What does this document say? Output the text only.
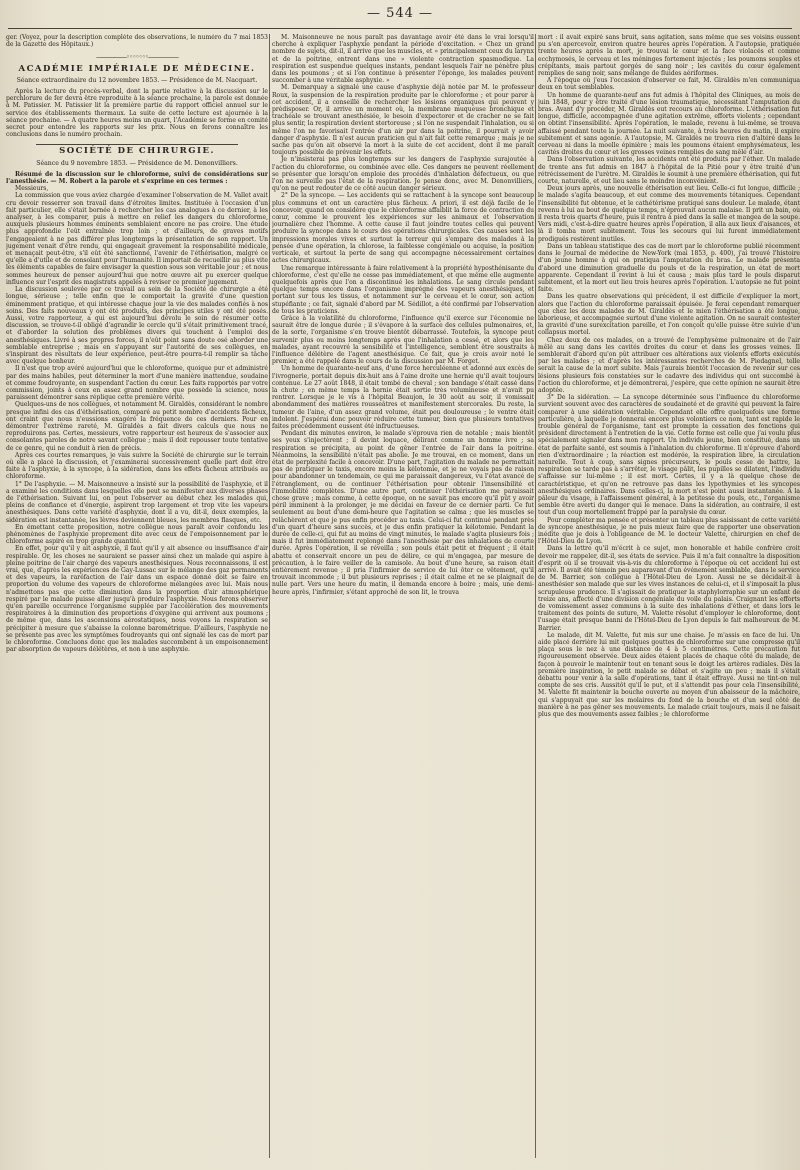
— 544 —

ger. (Voyez, pour la description complète des observations, le numéro du 7 mai 1853 de la Gazette des Hôpitaux.)

—————◦◦◦◦◦◦◦—————
ACADÉMIE IMPÉRIALE DE MÉDECINE.
Séance extraordinaire du 12 novembre 1853. — Présidence de M. Nacquart.

Après la lecture du procès-verbal, dont la partie relative à la discussion sur le perchlorure de fer devra être reproduite à la séance prochaine, la parole est donnée à M. Patissier. M. Patissier lit la première partie du rapport officiel annuel sur le service des établissements thermaux. La suite de cette lecture est ajournée à la séance prochaine. — A quatre heures moins un quart, l'Académie se forme en comité secret pour entendre les rapports sur les prix. Nous en ferons connaître les conclusions dans le numéro prochain.

SOCIÉTÉ DE CHIRURGIE.
Séance du 9 novembre 1853. — Présidence de M. Denonvilliers.

Résumé de la discussion sur le chloroforme, suivi de considérations sur l'anesthésie. — M. Robert a la parole et s'exprime en ces termes :

Messieurs,

La commission que vous aviez chargée d'examiner l'observation de M. Vallet avait cru devoir resserrer son travail dans d'étroites limites. Instituée à l'occasion d'un fait particulier, elle s'était bornée à rechercher les cas analogues à ce dernier, à les analyser, à les comparer, puis à mettre en relief les dangers du chloroforme, auxquels plusieurs hommes éminents semblaient encore ne pas croire. Une étude plus approfondie l'eût entraînée trop loin ; et d'ailleurs, de graves motifs l'engageaient à ne pas différer plus longtemps la présentation de son rapport. Un jugement venait d'être rendu, qui engageait gravement la responsabilité médicale, et menaçait peut-être, s'il eût été sanctionné, l'avenir de l'éthérisation, malgré ce qu'elle a d'utile et de consolant pour l'humanité. Il importait de recueillir au plus vite les éléments capables de faire envisager la question sous son véritable jour ; et nous sommes heureux de penser aujourd'hui que notre œuvre ait pu exercer quelque influence sur l'esprit des magistrats appelés à reviser ce premier jugement.

La discussion soulevée par ce travail au sein de la Société de chirurgie a été longue, sérieuse ; telle enfin que le comportait la gravité d'une question éminemment pratique, et qui intéresse chaque jour la vie des malades confiés à nos soins. Des faits nouveaux y ont été produits, des principes utiles y ont été posés. Aussi, votre rapporteur, a qui est aujourd'hui dévolu le soin de résumer cette discussion, se trouve-t-il obligé d'agrandir le cercle qu'il s'était primitivement tracé, et d'aborder la solution des problèmes divers qui touchent à l'emploi des anesthésiques. Livré à ses propres forces, il n'eût point sans doute osé aborder une semblable entreprise ; mais en s'appuyant sur l'autorité de ses collègues, en s'inspirant des résultats de leur expérience, peut-être pourra-t-il remplir sa tâche avec quelque bonheur.

Il n'est que trop avéré aujourd'hui que le chloroforme, quoique pur et administré par des mains habiles, peut déterminer la mort d'une manière inattendue, soudaine et comme foudroyante, en suspendant l'action du cœur. Les faits rapportés par votre commission, joints à ceux en assez grand nombre que possède la science, nous paraissent démontrer sans réplique cette première vérité.

Quelques-uns de nos collègues, et notamment M. Giraldès, considérant le nombre presque infini des cas d'éthérisation, comparé au petit nombre d'accidents fâcheux, ont craint que nous n'eussions exagéré la fréquence de ces derniers. Pour en démontrer l'extrême rareté, M. Giraldès a fait divers calculs que nous ne reproduirons pas. Certes, messieurs, votre rapporteur est heureux de s'associer aux consolantes paroles de notre savant collègue ; mais il doit repousser toute tentative de ce genre, qui ne conduit à rien de précis.

Après ces courtes remarques, je vais suivre la Société de chirurgie sur le terrain où elle a placé la discussion, et j'examinerai successivement quelle part doit être faite à l'asphyxie, à la syncope, à la sidération, dans les effets fâcheux attribués au chloroforme.

1° De l'asphyxie. — M. Maisonneuve a insisté sur la possibilité de l'asphyxie, et il a examiné les conditions dans lesquelles elle peut se manifester aux diverses phases de l'éthérisation. Suivant lui, on peut l'observer au début chez les malades qui, pleins de confiance et d'énergie, aspirent trop largement et trop vite les vapeurs anesthésiques. Dans cette variété d'asphyxie, dont il a vu, dit-il, deux exemples, la sidération est instantanée, les lèvres deviennent bleues, les membres flasques, etc.

En émettant cette proposition, notre collègue nous paraît avoir confondu les phénomènes de l'asphyxie proprement dite avec ceux de l'empoisonnement par le chloroforme aspiré en trop grande quantité.

En effet, pour qu'il y ait asphyxie, il faut qu'il y ait absence ou insuffisance d'air respirable. Or, les choses ne sauraient se passer ainsi chez un malade qui aspire à pleine poitrine de l'air chargé des vapeurs anesthésiques. Nous reconnaissons, il est vrai, que, d'après les expériences de Gay-Lussac sur le mélange des gaz permanents et des vapeurs, la raréfaction de l'air dans un espace donné doit se faire en proportion du volume des vapeurs de chloroforme mélangées avec lui. Mais nous n'admettons pas que cette diminution dans la proportion d'air atmosphérique respiré par le malade puisse aller jusqu'à produire l'asphyxie. Nous ferons observer qu'en pareille occurrence l'organisme supplée par l'accélération des mouvements respiratoires à la diminution des proportions d'oxygène qui arrivent aux poumons ; de même que, dans les ascensions aérostatiques, nous voyons la respiration se précipiter à mesure que s'abaisse la colonne barométrique. D'ailleurs, l'asphyxie ne se présente pas avec les symptômes foudroyants qui ont signalé les cas de mort par le chloroforme. Concluons donc que les malades succombent à un empoisonnement par absorption de vapeurs délétères, et non à une asphyxie.

M. Maisonneuve ne nous paraît pas davantage avoir été dans le vrai lorsqu'il cherche à expliquer l'asphyxie pendant la période d'excitation. « Chez un grand nombre de sujets, dit-il, il arrive que les muscles, et » principalement ceux du larynx et de la poitrine, entrent dans une » violente contraction spasmodique. La respiration est suspendue quelques instants, pendant lesquels l'air ne pénètre plus dans les poumons ; et si l'on continue à présenter l'éponge, les malades peuvent succomber à une véritable asphyxie. »

M. Demarquay a signalé une cause d'asphyxie déjà notée par M. le professeur Roux, la suspension de la respiration produite par le chloroforme ; et pour parer à cet accident, il a conseillé de rechercher les lésions organiques qui peuvent y prédisposer. Or, il arrive un moment où, la membrane muqueuse bronchique et trachéale se trouvant anesthésiée, le besoin d'expectorer et de cracher ne se fait plus sentir, la respiration devient stertoreuse ; si l'on ne suspendait l'inhalation, ou si même l'on ne favorisait l'entrée d'un air pur dans la poitrine, il pourrait y avoir danger d'asphyxie. Il n'est aucun praticien qui n'ait fait cette remarque ; mais je ne sache pas qu'on ait observé la mort à la suite de cet accident, dont il me paraît toujours possible de prévenir les effets.

Je n'insisterai pas plus longtemps sur les dangers de l'asphyxie surajoutée à l'action du chloroforme, ou combinée avec elle. Ces dangers ne peuvent réellement se présenter que lorsqu'on emploie des procédés d'inhalation défectueux, ou que l'on ne surveille pas l'état de la respiration. Je pense donc, avec M. Denonvilliers, qu'on ne peut redouter de ce côté aucun danger sérieux.

2° De la syncope. — Les accidents qui se rattachent à la syncope sont beaucoup plus communs et ont un caractère plus fâcheux. A priori, il est déjà facile de le concevoir, quand on considère que le chloroforme affaiblit la force de contraction du cœur, comme le prouvent les expériences sur les animaux et l'observation journalière chez l'homme. A cette cause il faut joindre toutes celles qui peuvent produire la syncope dans le cours des opérations chirurgicales. Ces causes sont les impressions morales vives et surtout la terreur qui s'empare des malades à la pensée d'une opération, la chlorose, la faiblesse congéniale ou acquise, la position verticale, et surtout la perte de sang qui accompagne nécessairement certaines actes chirurgicaux.

Une remarque intéressante à faire relativement à la propriété hyposthénisante du chloroforme, c'est qu'elle ne cesse pas immédiatement, et que même elle augmente quelquefois après que l'on a discontinué les inhalations. Le sang circule pendant quelque temps encore dans l'organisme imprégné des vapeurs anesthésiques, et portant sur tous les tissus, et notamment sur le cerveau et le cœur, son action stupéfiante ; ce fait, signalé d'abord par M. Sédillot, a été confirmé par l'observation de tous les praticiens.

Grâce à la volatilité du chloroforme, l'influence qu'il exerce sur l'économie ne saurait être de longue durée ; il s'évapore à la surface des cellules pulmonaires, et, de la sorte, l'organisme s'en trouve bientôt débarrassé. Toutefois, la syncope peut survenir plus ou moins longtemps après que l'inhalation a cessé, et alors que les malades, ayant recouvré la sensibilité et l'intelligence, semblent être soustraits à l'influence délétère de l'agent anesthésique. Ce fait, que je crois avoir noté le premier, a été rappelé dans le cours de la discussion par M. Forget.

Un homme de quarante-neuf ans, d'une force herculéenne et adonné aux excès de l'ivrognerie, portait depuis dix-huit ans à l'aine droite une hernie qu'il avait toujours contenue. Le 27 août 1848, il était tombé de cheval ; son bandage s'était cassé dans la chute ; en même temps la hernie était sortie très volumineuse et n'avait pu rentrer. Lorsque je le vis à l'hôpital Beaujon, le 30 août au soir, il vomissait abondamment des matières rousseâtres et manifestement stercorales. Du reste, la tumeur de l'aine, d'un assez grand volume, était peu douloureuse ; le ventre était indolent. J'espérai donc pouvoir réduire cette tumeur, bien que plusieurs tentatives faites précédemment eussent été infructueuses.

Pendant dix minutes environ, le malade s'éprouva rien de notable ; mais bientôt ses yeux s'injectèrent ; il devint loquace, délirant comme un homme ivre ; sa respiration se précipita, au point de gêner l'entrée de l'air dans la poitrine. Néanmoins, la sensibilité n'était pas abolie. Je me trouvai, en ce moment, dans un état de perplexité facile à concevoir. D'une part, l'agitation du malade ne permettait pas de pratiquer le taxis, encore moins la kélotomie, et je ne voyais pas de raison pour abandonner un tendemain, ce qui me paraissait dangereux, vu l'état avancé de l'étranglement, ou de continuer l'éthérisation pour obtenir l'insensibilité et l'immobilité complètes. D'une autre part, continuer l'éthérisation me paraissait chose grave ; mais comme, à cette époque, on ne savait pas encore qu'il pût y avoir péril imminent à la prolonger, je me décidai en faveur de ce dernier parti. Ce fut seulement au bout d'une demi-heure que l'agitation se calma ; que les muscles se relâchèrent et que je pus enfin procéder au taxis. Celui-ci fut continué pendant près d'un quart d'heure sans succès, et je dus enfin pratiquer la kélotomie. Pendant la durée de celle-ci, qui fut au moins de vingt minutes, le malade s'agita plusieurs fois ; mais il fut immédiatement replongé dans l'anesthésie par des inhalations de courte durée. Après l'opération, il se réveilla ; son pouls était petit et fréquent ; il était abattu et conservait encore un peu de délire, ce qui m'engagea, par mesure de précaution, à le faire veiller de la camisole. Au bout d'une heure, sa raison était entièrement revenue ; il pria l'infirmier de service de lui ôter ce vêtement, qu'il trouvait incommode ; il but plusieurs reprises ; il était calme et ne se plaignait de nulle part. Vers une heure du matin, il demanda encore à boire ; mais, une demi-heure après, l'infirmier, s'étant approché de son lit, le trouva

mort : il avait expiré sans bruit, sans agitation, sans même que ses voisins eussent pu s'en apercevoir, environ quatre heures après l'opération. A l'autopsie, pratiquée trente heures après la mort, je trouvai le cœur et la face violacés et comme ecchymosés, le cerveau et les méninges fortement injectés ; les poumons souples et crépitants, mais partout gorgés de sang noir ; les cavités du cœur également remplies de sang noir, sans mélange de fluides aériformes.

A l'époque où j'eus l'occasion d'observer ce fait, M. Giraldès m'en communiqua deux en tout semblables.

Un homme de quarante-neuf ans fut admis à l'hôpital des Cliniques, au mois de juin 1848, pour y être traité d'une lésion traumatique, nécessitant l'amputation du bras. Avant d'y procéder, M. Giraldès eut recours au chloroforme. L'éthérisation fut longue, difficile, accompagnée d'une agitation extrême, efforts violents ; cependant on obtint l'insensibilité. Après l'opération, le malade, revenu à lui-même, se trouva affaissé pendant toute la journée. La nuit suivante, à trois heures du matin, il expire subitement et sans agonie. A l'autopsie, M. Giraldès ne trouva rien d'altéré dans le cerveau ni dans la moelle épinière ; mais les poumons étaient emphysémateux, les cavités droites du cœur et les grosses veines remplies de sang mêlé d'air.

Dans l'observation suivante, les accidents ont été produits par l'éther. Un malade de trente ans fut admis en 1847 à l'hôpital de la Pitié pour y être traité d'un rétrécissement de l'urètre. M. Giraldès le soumit à une première éthérisation, qui fut courte, naturelle, et eut lieu sans le moindre inconvénient.

Deux jours après, une nouvelle éthérisation eut lieu. Celle-ci fut longue, difficile ; le malade s'agita beaucoup, et eut comme des mouvements tétaniques. Cependant l'insensibilité fut obtenue, et le cathétérisme pratiqué sans douleur. Le malade, étant revenu à lui au bout de quelque temps, n'éprouvait aucun malaise. Il prit un bain, où il resta trois quarts d'heure, puis il rentra à pied dans la salle et mangea de la soupe. Vers midi, c'est-à-dire quatre heures après l'opération, il alla aux lieux d'aisances, et là il tomba mort subitement. Tous les secours qui lui furent immédiatement prodigués restèrent inutiles.

Dans un tableau statistique des cas de mort par le chloroforme publié récemment dans le Journal de médecine de New-York (mai 1853, p. 400), j'ai trouvé l'histoire d'un jeune homme à qui on pratiqua l'amputation du bras. Le malade présenta d'abord une diminution graduelle du pouls et de la respiration, un état de mort apparente. Cependant il revint à lui et causa ; mais plus tard le pouls disparut subitement, et la mort eut lieu trois heures après l'opération. L'autopsie ne fut point faite.

Dans les quatre observations qui précèdent, il est difficile d'expliquer la mort, alors que l'action du chloroforme paraissait épuisée. Je ferai cependant remarquer que chez les deux malades de M. Giraldès et le mien l'éthérisation a été longue, laborieuse, et accompagnée surtout d'une violente agitation. On ne saurait contester la gravité d'une surexcitation pareille, et l'on conçoit qu'elle puisse être suivie d'un collapsus mortel.

Chez deux de ces malades, on a trouvé de l'emphysème pulmonaire et de l'air mêlé au sang dans les cavités droites du cœur et dans les grosses veines. Il semblerait d'abord qu'on pût attribuer ces altérations aux violents efforts exécutés par les malades ; et d'après les intéressantes recherches de M. Piedagnel, telle serait la cause de la mort subite. Mais j'aurais bientôt l'occasion de revenir sur ces lésions plusieurs fois constatées sur le cadavre des individus qui ont succombé à l'action du chloroforme, et je démontrerai, j'espère, que cette opinion ne saurait être adoptée.

3° De la sidération. — La syncope déterminée sous l'influence du chloroforme survient souvent avec des caractères de soudaineté et de gravité qui peuvent la faire comparer à une sidération véritable. Cependant elle offre quelquefois une forme particulière, à laquelle je donnerai encore plus volontiers ce nom, tant est rapide le trouble général de l'organisme, tant est prompte la cessation des fonctions qui président directement à l'entretien de la vie. Cette forme est celle que j'ai voulu plus spécialement signaler dans mon rapport. Un individu jeune, bien constitué, dans un état de parfaite santé, est soumis à l'inhalation du chloroforme. Il n'éprouve d'abord rien d'extraordinaire ; la réaction est modérée, la respiration libre, la circulation naturelle. Tout à coup, sans signes précurseurs, le pouls cesse de battre, la respiration se tarde pas à s'arrêter, le visage pâlit, les pupilles se dilatent, l'individu s'affaisse sur lui-même ; il est mort. Certes, il y a là quelque chose de caractéristique, et qu'on ne retrouve pas dans les lypothymies et les syncopes anesthésiques ordinaires. Dans celles-ci, la mort n'est point aussi instantanée. A la pâleur du visage, à l'affaissement général, à la petitesse du pouls, etc., l'organisme semble être averti du danger qui le menace. Dans la sidération, au contraire, il est tout d'un coup mortellement frappé par la paralysie du cœur.

Pour compléter ma pensée et présenter un tableau plus saisissant de cette variété de syncope anesthésique, je ne puis mieux faire que de rapporter une observation inédite que je dois à l'obligeance de M. le docteur Valette, chirurgien en chef de l'Hôtel-Dieu de Lyon.

Dans la lettre qu'il m'écrit à ce sujet, mon honorable et habile confrère croit devoir me rappeler, dit-il, ses états de service. Puis il m'a fait connaître la disposition d'esprit où il se trouvait vis-à-vis du chloroforme à l'époque où cet accident lui est arrivé. Il avait été témoin peu auparavant d'un événement semblable, dans le service de M. Barrier, son collègue à l'Hôtel-Dieu de Lyon. Aussi ne se décidait-il à anesthésier son malade que sur les vives instances de celui-ci, et il s'imposait la plus scrupuleuse prudence. Il s'agissait de pratiquer la staphylorraphie sur un enfant de treize ans, affecté d'une division congéniale du voile du palais. Craignant les efforts de vomissement assez communs à la suite des inhalations d'éther, et dans lors le traitement des points de suture, M. Valette résolut d'employer le chloroforme, dont l'usage était presque banni de l'Hôtel-Dieu de Lyon depuis le fait malheureux de M. Barrier.

Le malade, dit M. Valette, fut mis sur une chaise. Je m'assis en face de lui. Un aide placé derrière lui mit quelques gouttes de chloroforme sur une compresse qu'il plaça sous le nez à une distance de 4 à 5 centimètres. Cette précaution fut rigoureusement observée. Deux aides étaient placés de chaque côté du malade, de façon à pouvoir le maintenir tout en tenant sous le doigt les artères radiales. Dès la première inspiration, le petit malade se débat et s'agite un peu ; mais il s'était débattu pour venir à la salle d'opérations, tant il était effrayé. Aussi ne tint-on nul compte de ses cris. Aussitôt qu'il le put, et il s'attendit pas pour cela l'insensibilité, M. Valette fit maintenir la bouche ouverte au moyen d'un abaisseur de la mâchoire, qui s'appuyait que sur les molaires du fond de la bouche et d'un seul côté de manière à ne pas gêner ses mouvements. Le malade criait toujours, mais il ne faisait plus que des mouvements assez faibles ; le chloroforme
